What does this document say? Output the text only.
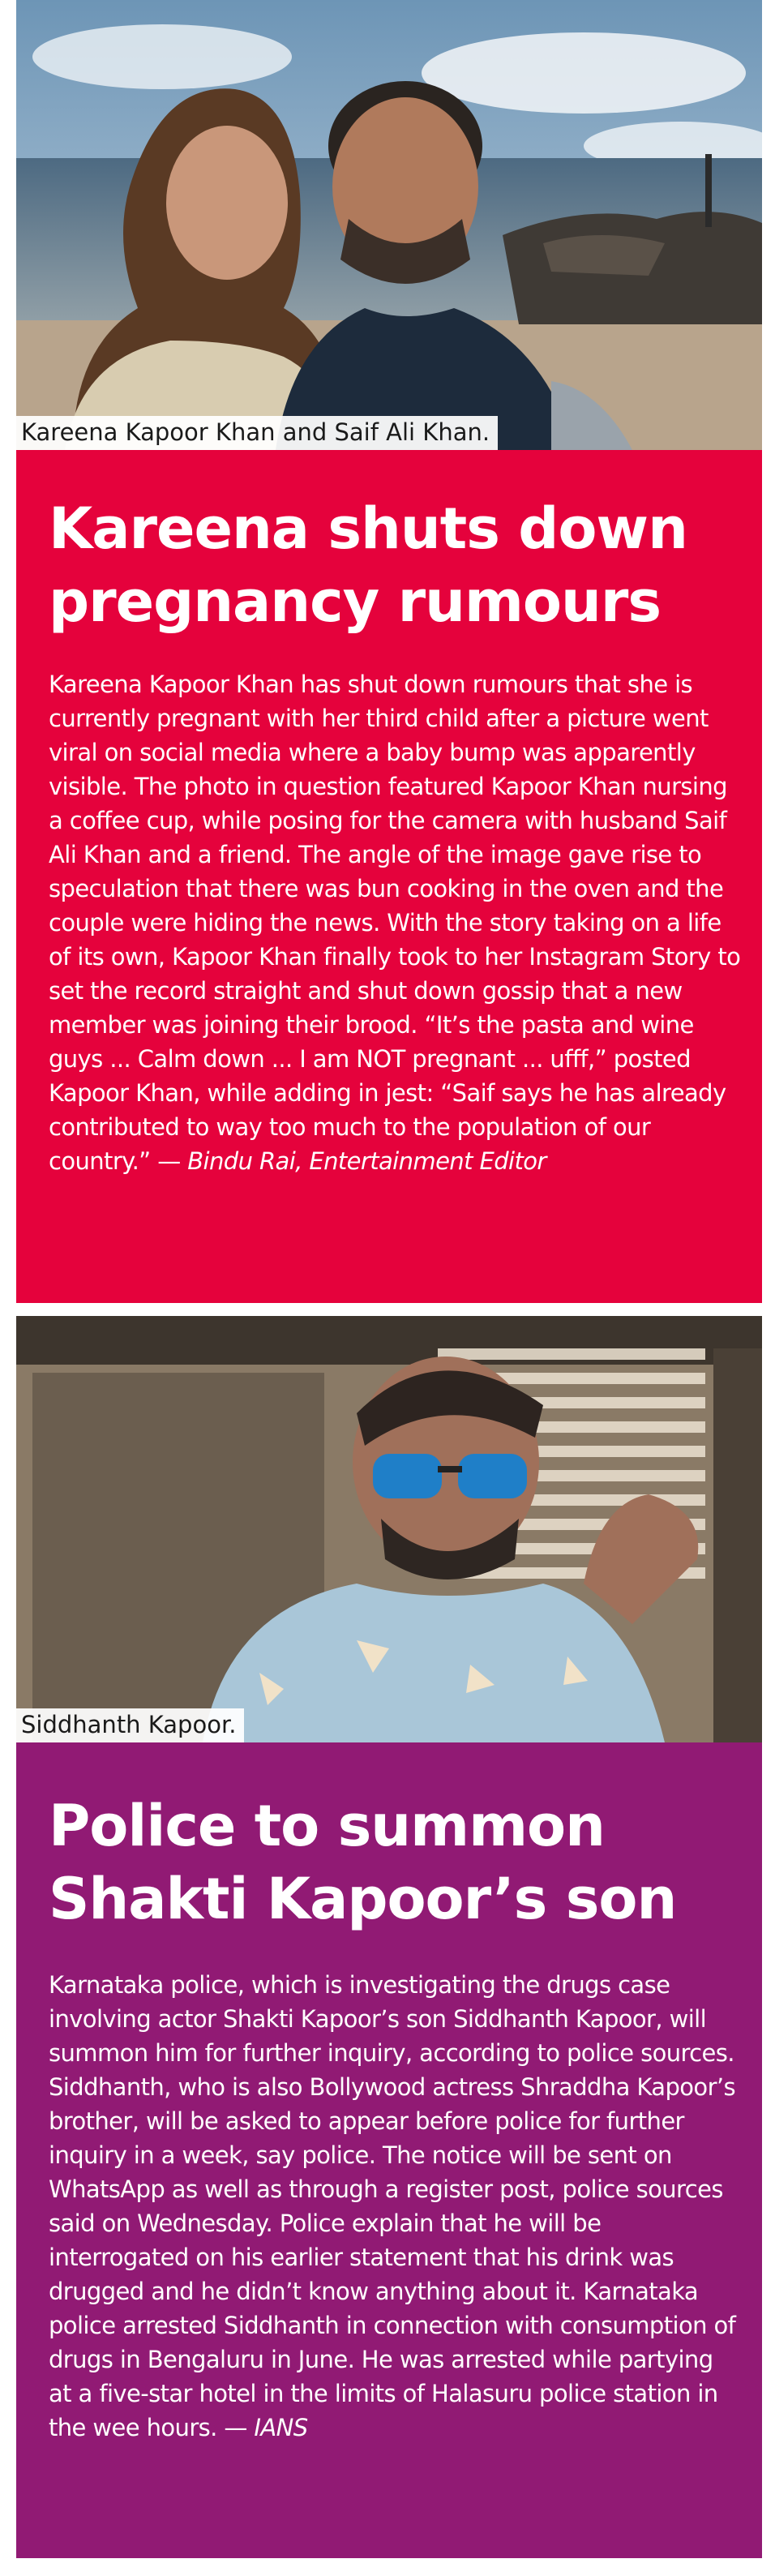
Kareena Kapoor Khan and Saif Ali Khan.
Kareena shuts down
pregnancy rumours

Kareena Kapoor Khan has shut down rumours that she is currently pregnant with her third child after a picture went viral on social media where a baby bump was apparently visible. The photo in question featured Kapoor Khan nursing a coffee cup, while posing for the camera with husband Saif Ali Khan and a friend. The angle of the image gave rise to speculation that there was bun cooking in the oven and the couple were hiding the news. With the story taking on a life of its own, Kapoor Khan finally took to her Instagram Story to set the record straight and shut down gossip that a new member was joining their brood. “It’s the pasta and wine guys ... Calm down ... I am NOT pregnant ... ufff,” posted Kapoor Khan, while adding in jest: “Saif says he has already contributed to way too much to the population of our country.” — Bindu Rai, Entertainment Editor

Siddhanth Kapoor.
Police to summon
Shakti Kapoor’s son

Karnataka police, which is investigating the drugs case involving actor Shakti Kapoor’s son Siddhanth Kapoor, will summon him for further inquiry, according to police sources. Siddhanth, who is also Bollywood actress Shraddha Kapoor’s brother, will be asked to appear before police for further inquiry in a week, say police. The notice will be sent on WhatsApp as well as through a register post, police sources said on Wednesday. Police explain that he will be interrogated on his earlier statement that his drink was drugged and he didn’t know anything about it. Karnataka police arrested Siddhanth in connection with consumption of drugs in Bengaluru in June. He was arrested while partying at a five-star hotel in the limits of Halasuru police station in the wee hours. — IANS
